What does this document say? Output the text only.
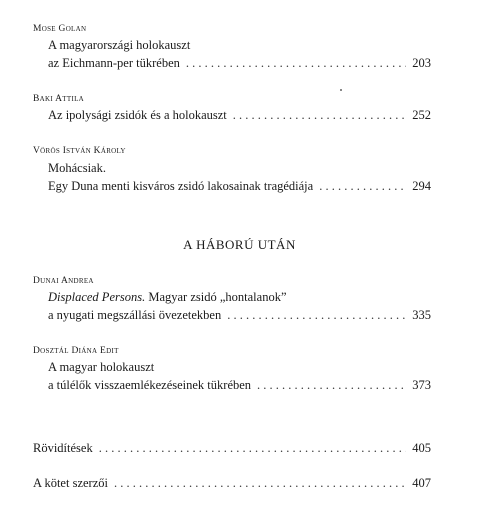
Mose Golan
A magyarországi holokauszt
az Eichmann-per tükrében . . .	203
Baki Attila
Az ipolysági zsidók és a holokauszt . . .	252
Vörös István Károly
Mohácsiak.
Egy Duna menti kisváros zsidó lakosainak tragédiája . . .	294
A HÁBORÚ UTÁN
Dunai Andrea
Displaced Persons. Magyar zsidó „hontalanok”
a nyugati megszállási övezetekben . . .	335
Dosztál Diána Edit
A magyar holokauszt
a túlélők visszaemlékezéseinek tükrében . . .	373
Rövidítések . . .	405
A kötet szerzői . . .	407
